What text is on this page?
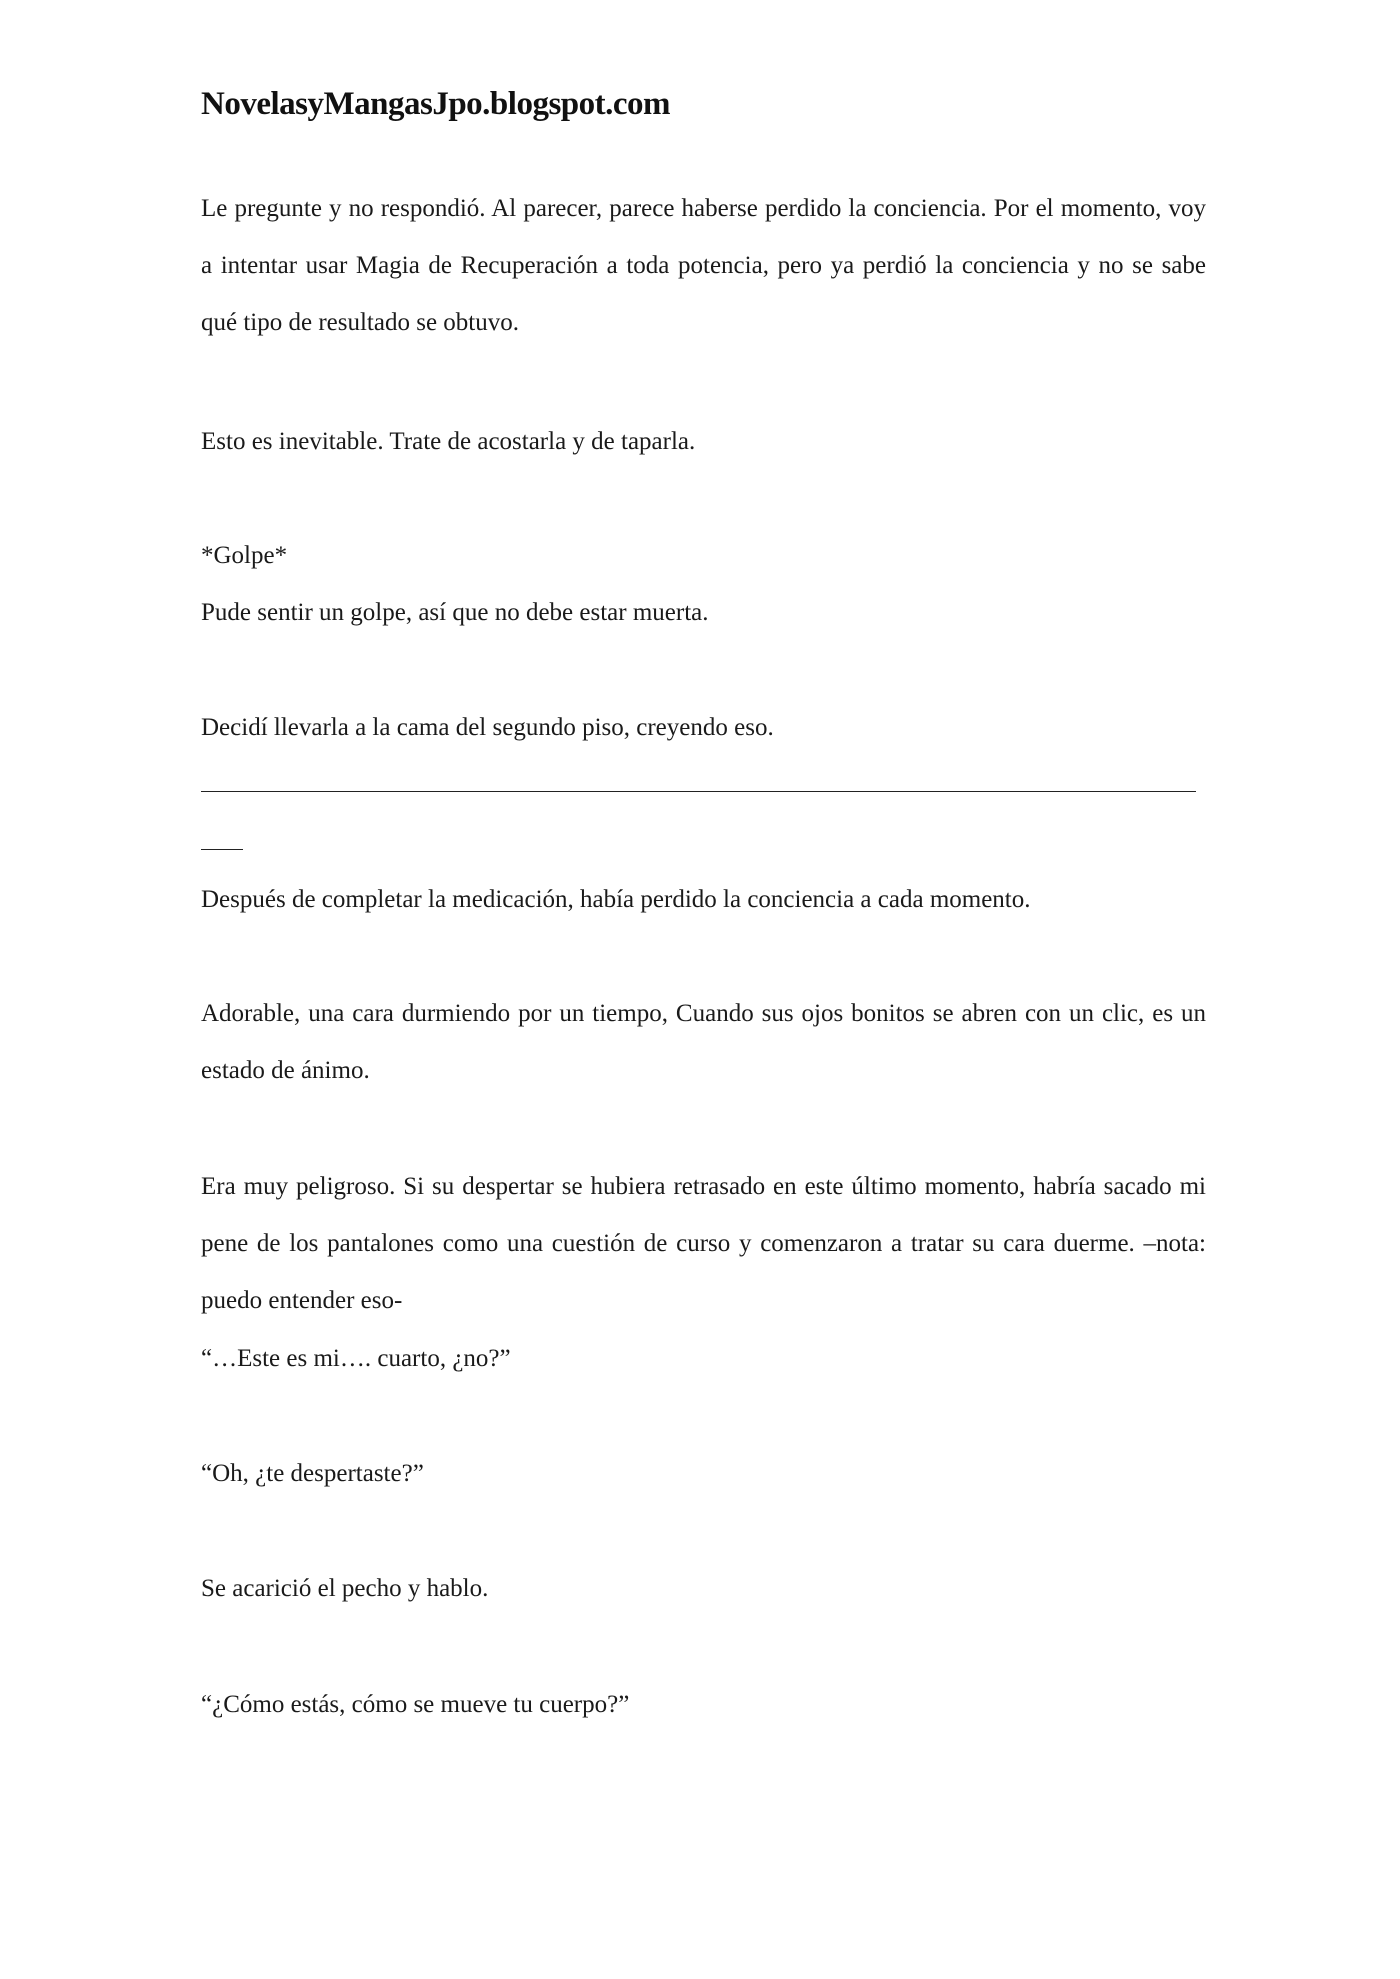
NovelasyMangasJpo.blogspot.com
Le pregunte y no respondió. Al parecer, parece haberse perdido la conciencia. Por el momento, voy a intentar usar Magia de Recuperación a toda potencia, pero ya perdió la conciencia y no se sabe qué tipo de resultado se obtuvo.
Esto es inevitable. Trate de acostarla y de taparla.
*Golpe*
Pude sentir un golpe, así que no debe estar muerta.
Decidí llevarla a la cama del segundo piso, creyendo eso.
Después de completar la medicación, había perdido la conciencia a cada momento.
Adorable, una cara durmiendo por un tiempo, Cuando sus ojos bonitos se abren con un clic, es un estado de ánimo.
Era muy peligroso. Si su despertar se hubiera retrasado en este último momento, habría sacado mi pene de los pantalones como una cuestión de curso y comenzaron a tratar su cara duerme. –nota: puedo entender eso-
“…Este es mi…. cuarto, ¿no?”
“Oh, ¿te despertaste?”
Se acarició el pecho y hablo.
“¿Cómo estás, cómo se mueve tu cuerpo?”
